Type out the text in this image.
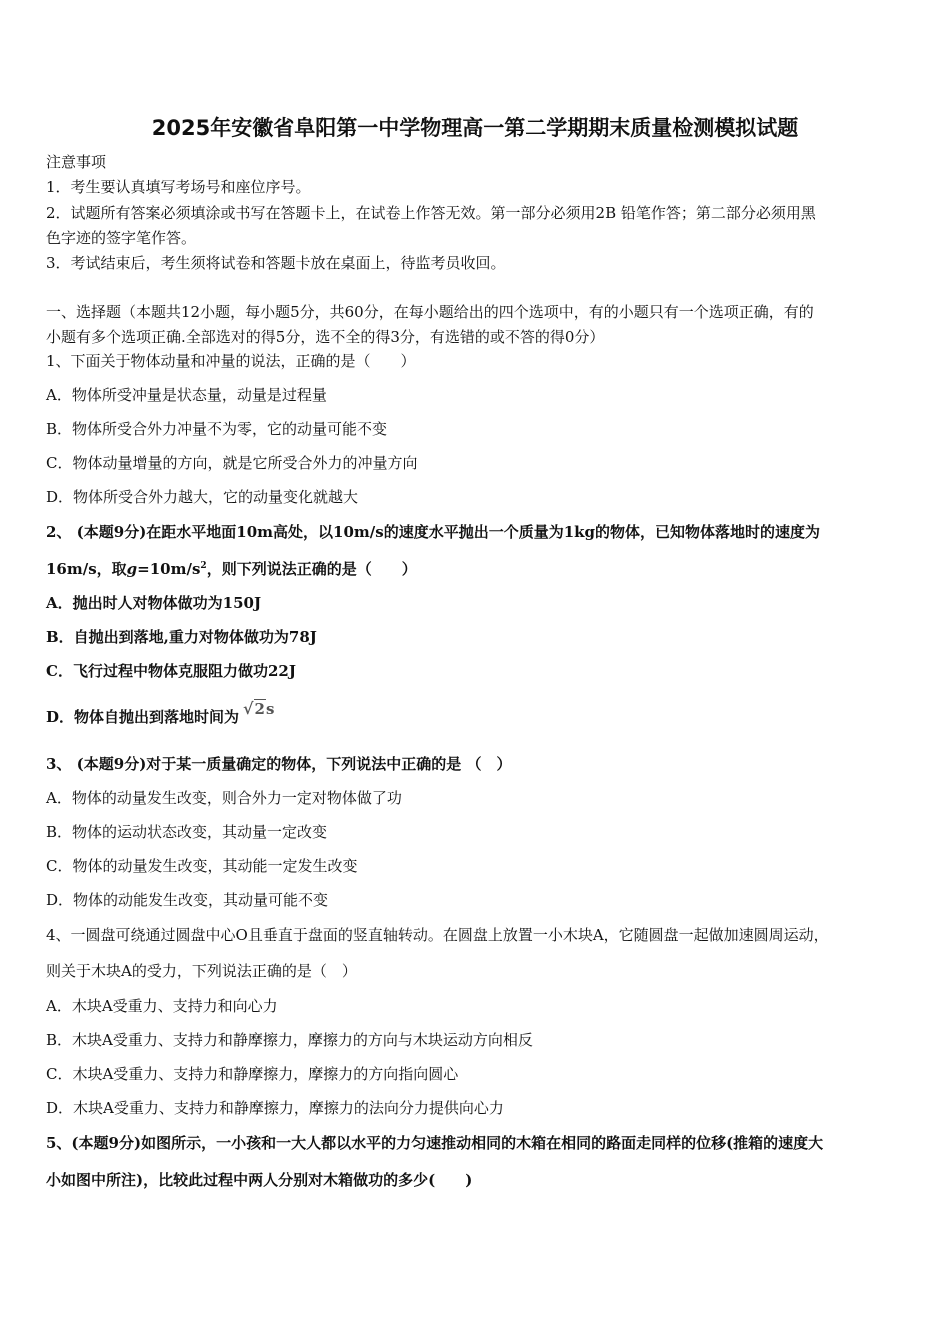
2025年安徽省阜阳第一中学物理高一第二学期期末质量检测模拟试题
注意事项
1．考生要认真填写考场号和座位序号。
2．试题所有答案必须填涂或书写在答题卡上，在试卷上作答无效。第一部分必须用2B 铅笔作答；第二部分必须用黑
色字迹的签字笔作答。
3．考试结束后，考生须将试卷和答题卡放在桌面上，待监考员收回。
一、选择题（本题共12小题，每小题5分，共60分，在每小题给出的四个选项中，有的小题只有一个选项正确，有的
小题有多个选项正确.全部选对的得5分，选不全的得3分，有选错的或不答的得0分）
1、下面关于物体动量和冲量的说法，正确的是（　　）
A．物体所受冲量是状态量，动量是过程量
B．物体所受合外力冲量不为零，它的动量可能不变
C．物体动量增量的方向，就是它所受合外力的冲量方向
D．物体所受合外力越大，它的动量变化就越大
2、 (本题9分)在距水平地面10m高处，以10m/s的速度水平抛出一个质量为1kg的物体，已知物体落地时的速度为
16m/s，取$g=10m/s^2$，则下列说法正确的是（　　）
A．抛出时人对物体做功为150J
B．自抛出到落地,重力对物体做功为78J
C．飞行过程中物体克服阻力做功22J
D．物体自抛出到落地时间为 √2s
3、 (本题9分)对于某一质量确定的物体，下列说法中正确的是 （　）
A．物体的动量发生改变，则合外力一定对物体做了功
B．物体的运动状态改变，其动量一定改变
C．物体的动量发生改变，其动能一定发生改变
D．物体的动能发生改变，其动量可能不变
4、一圆盘可绕通过圆盘中心O且垂直于盘面的竖直轴转动。在圆盘上放置一小木块A，它随圆盘一起做加速圆周运动，
则关于木块A的受力，下列说法正确的是（　）
A．木块A受重力、支持力和向心力
B．木块A受重力、支持力和静摩擦力，摩擦力的方向与木块运动方向相反
C．木块A受重力、支持力和静摩擦力，摩擦力的方向指向圆心
D．木块A受重力、支持力和静摩擦力，摩擦力的法向分力提供向心力
5、(本题9分)如图所示，一小孩和一大人都以水平的力匀速推动相同的木箱在相同的路面走同样的位移(推箱的速度大
小如图中所注)，比较此过程中两人分别对木箱做功的多少(　　)
